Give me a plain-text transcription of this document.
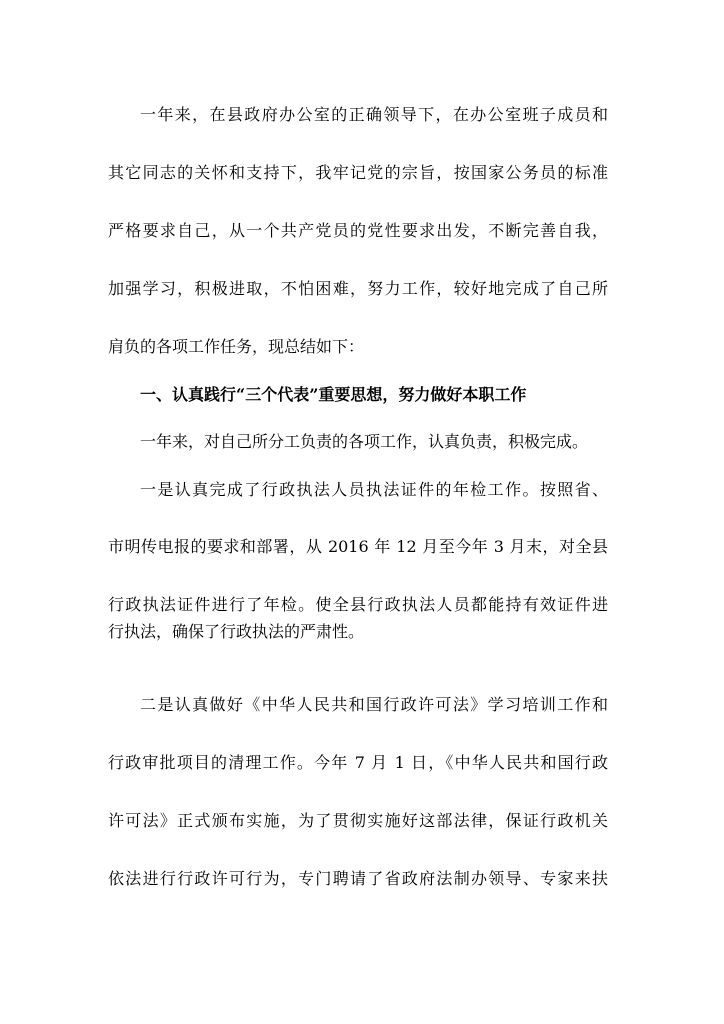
一年来，在县政府办公室的正确领导下，在办公室班子成员和
其它同志的关怀和支持下，我牢记党的宗旨，按国家公务员的标准
严格要求自己，从一个共产党员的党性要求出发，不断完善自我，
加强学习，积极进取，不怕困难，努力工作，较好地完成了自己所
肩负的各项工作任务，现总结如下：
一、认真践行“三个代表”重要思想，努力做好本职工作
一年来，对自己所分工负责的各项工作，认真负责，积极完成。
一是认真完成了行政执法人员执法证件的年检工作。按照省、
市明传电报的要求和部署，从 2016 年 12 月至今年 3 月末，对全县
行政执法证件进行了年检。使全县行政执法人员都能持有效证件进
行执法，确保了行政执法的严肃性。
二是认真做好《中华人民共和国行政许可法》学习培训工作和
行政审批项目的清理工作。今年 7 月 1 日，《中华人民共和国行政
许可法》正式颁布实施，为了贯彻实施好这部法律，保证行政机关
依法进行行政许可行为，专门聘请了省政府法制办领导、专家来扶
